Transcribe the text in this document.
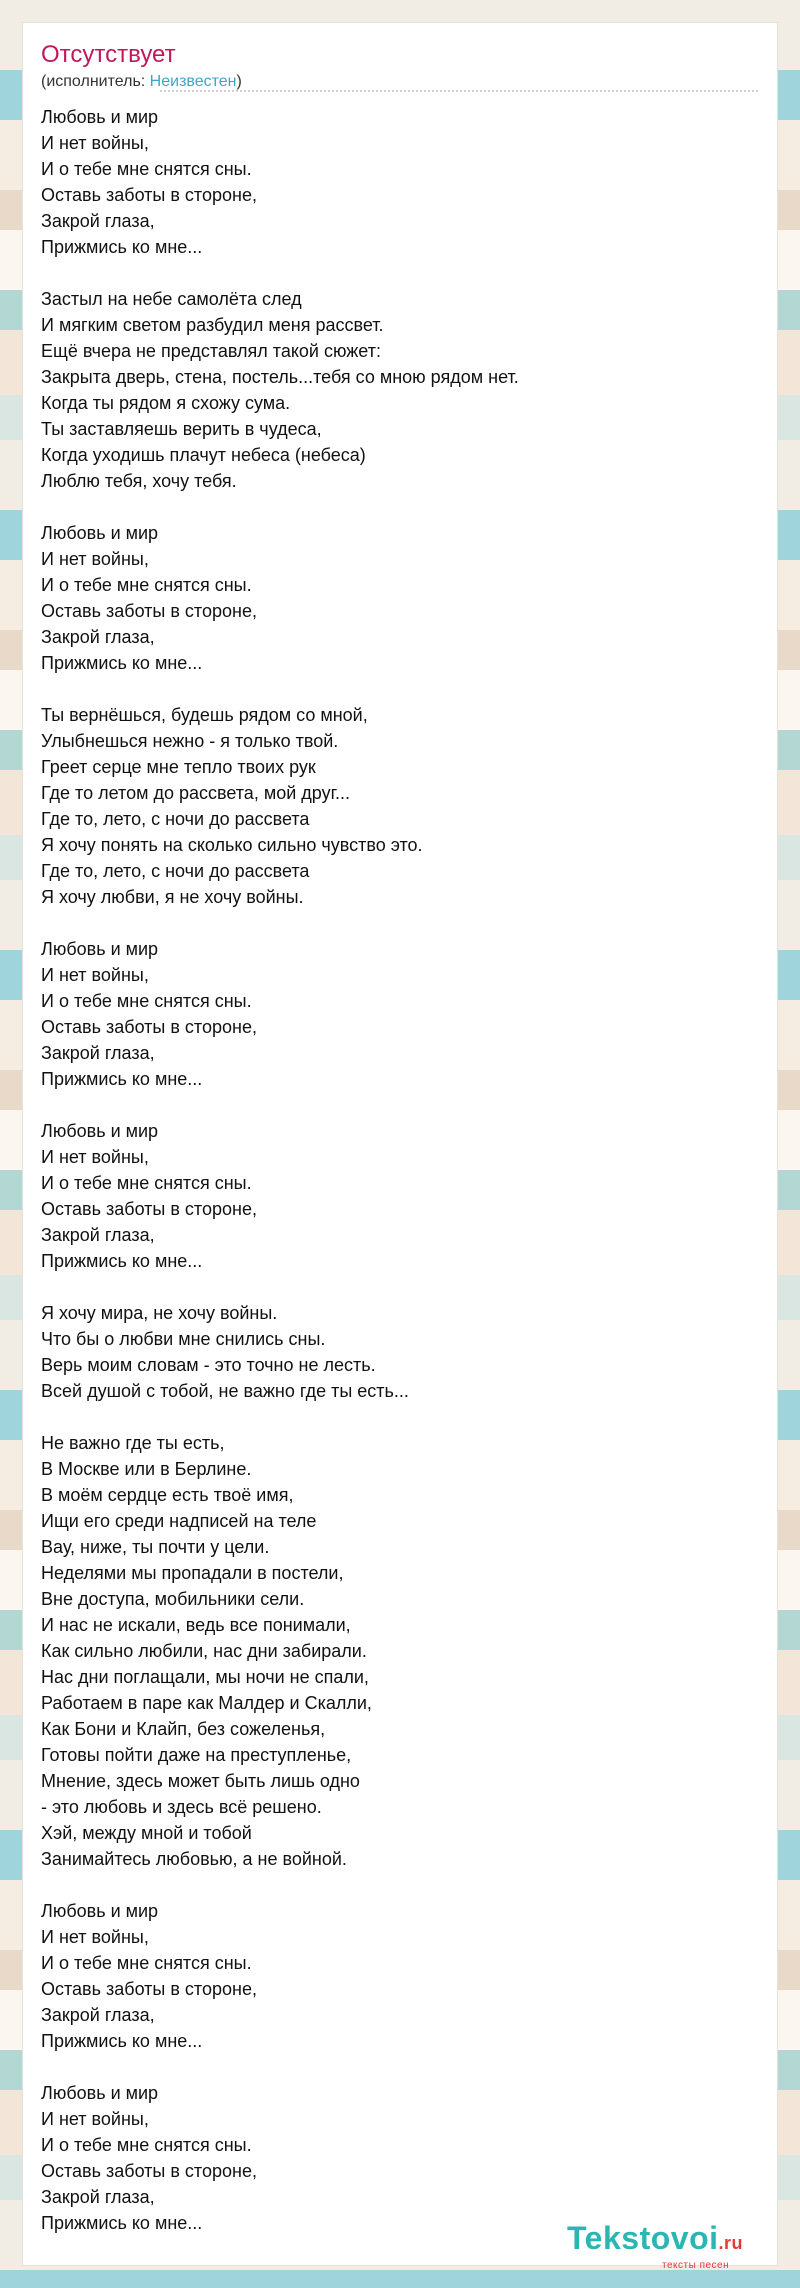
Отсутствует
(исполнитель: Неизвестен)
Любовь и мир
И нет войны,
И о тебе мне снятся сны.
Оставь заботы в стороне,
Закрой глаза,
Прижмись ко мне...
Застыл на небе самолёта след
И мягким светом разбудил меня рассвет.
Ещё вчера не представлял такой сюжет:
Закрыта дверь, стена, постель...тебя со мною рядом нет.
Когда ты рядом я схожу сума.
Ты заставляешь верить в чудеса,
Когда уходишь плачут небеса (небеса)
Люблю тебя, хочу тебя.
Любовь и мир
И нет войны,
И о тебе мне снятся сны.
Оставь заботы в стороне,
Закрой глаза,
Прижмись ко мне...
Ты вернёшься, будешь рядом со мной,
Улыбнешься нежно - я только твой.
Греет серце мне тепло твоих рук
Где то летом до рассвета, мой друг...
Где то, лето, с ночи до рассвета
Я хочу понять на сколько сильно чувство это.
Где то, лето, с ночи до рассвета
Я хочу любви, я не хочу войны.
Любовь и мир
И нет войны,
И о тебе мне снятся сны.
Оставь заботы в стороне,
Закрой глаза,
Прижмись ко мне...
Любовь и мир
И нет войны,
И о тебе мне снятся сны.
Оставь заботы в стороне,
Закрой глаза,
Прижмись ко мне...
Я хочу мира, не хочу войны.
Что бы о любви мне снились сны.
Верь моим словам - это точно не лесть.
Всей душой с тобой, не важно где ты есть...
Не важно где ты есть,
В Москве или в Берлине.
В моём сердце есть твоё имя,
Ищи его среди надписей на теле
Вау, ниже, ты почти у цели.
Неделями мы пропадали в постели,
Вне доступа, мобильники сели.
И нас не искали, ведь все понимали,
Как сильно любили, нас дни забирали.
Нас дни поглащали, мы ночи не спали,
Работаем в паре как Малдер и Скалли,
Как Бони и Клайп, без сожеленья,
Готовы пойти даже на преступленье,
Мнение, здесь может быть лишь одно
- это любовь и здесь всё решено.
Хэй, между мной и тобой
Занимайтесь любовью, а не войной.
Любовь и мир
И нет войны,
И о тебе мне снятся сны.
Оставь заботы в стороне,
Закрой глаза,
Прижмись ко мне...
Любовь и мир
И нет войны,
И о тебе мне снятся сны.
Оставь заботы в стороне,
Закрой глаза,
Прижмись ко мне...	Tekstovoi.ru
тексты песен
